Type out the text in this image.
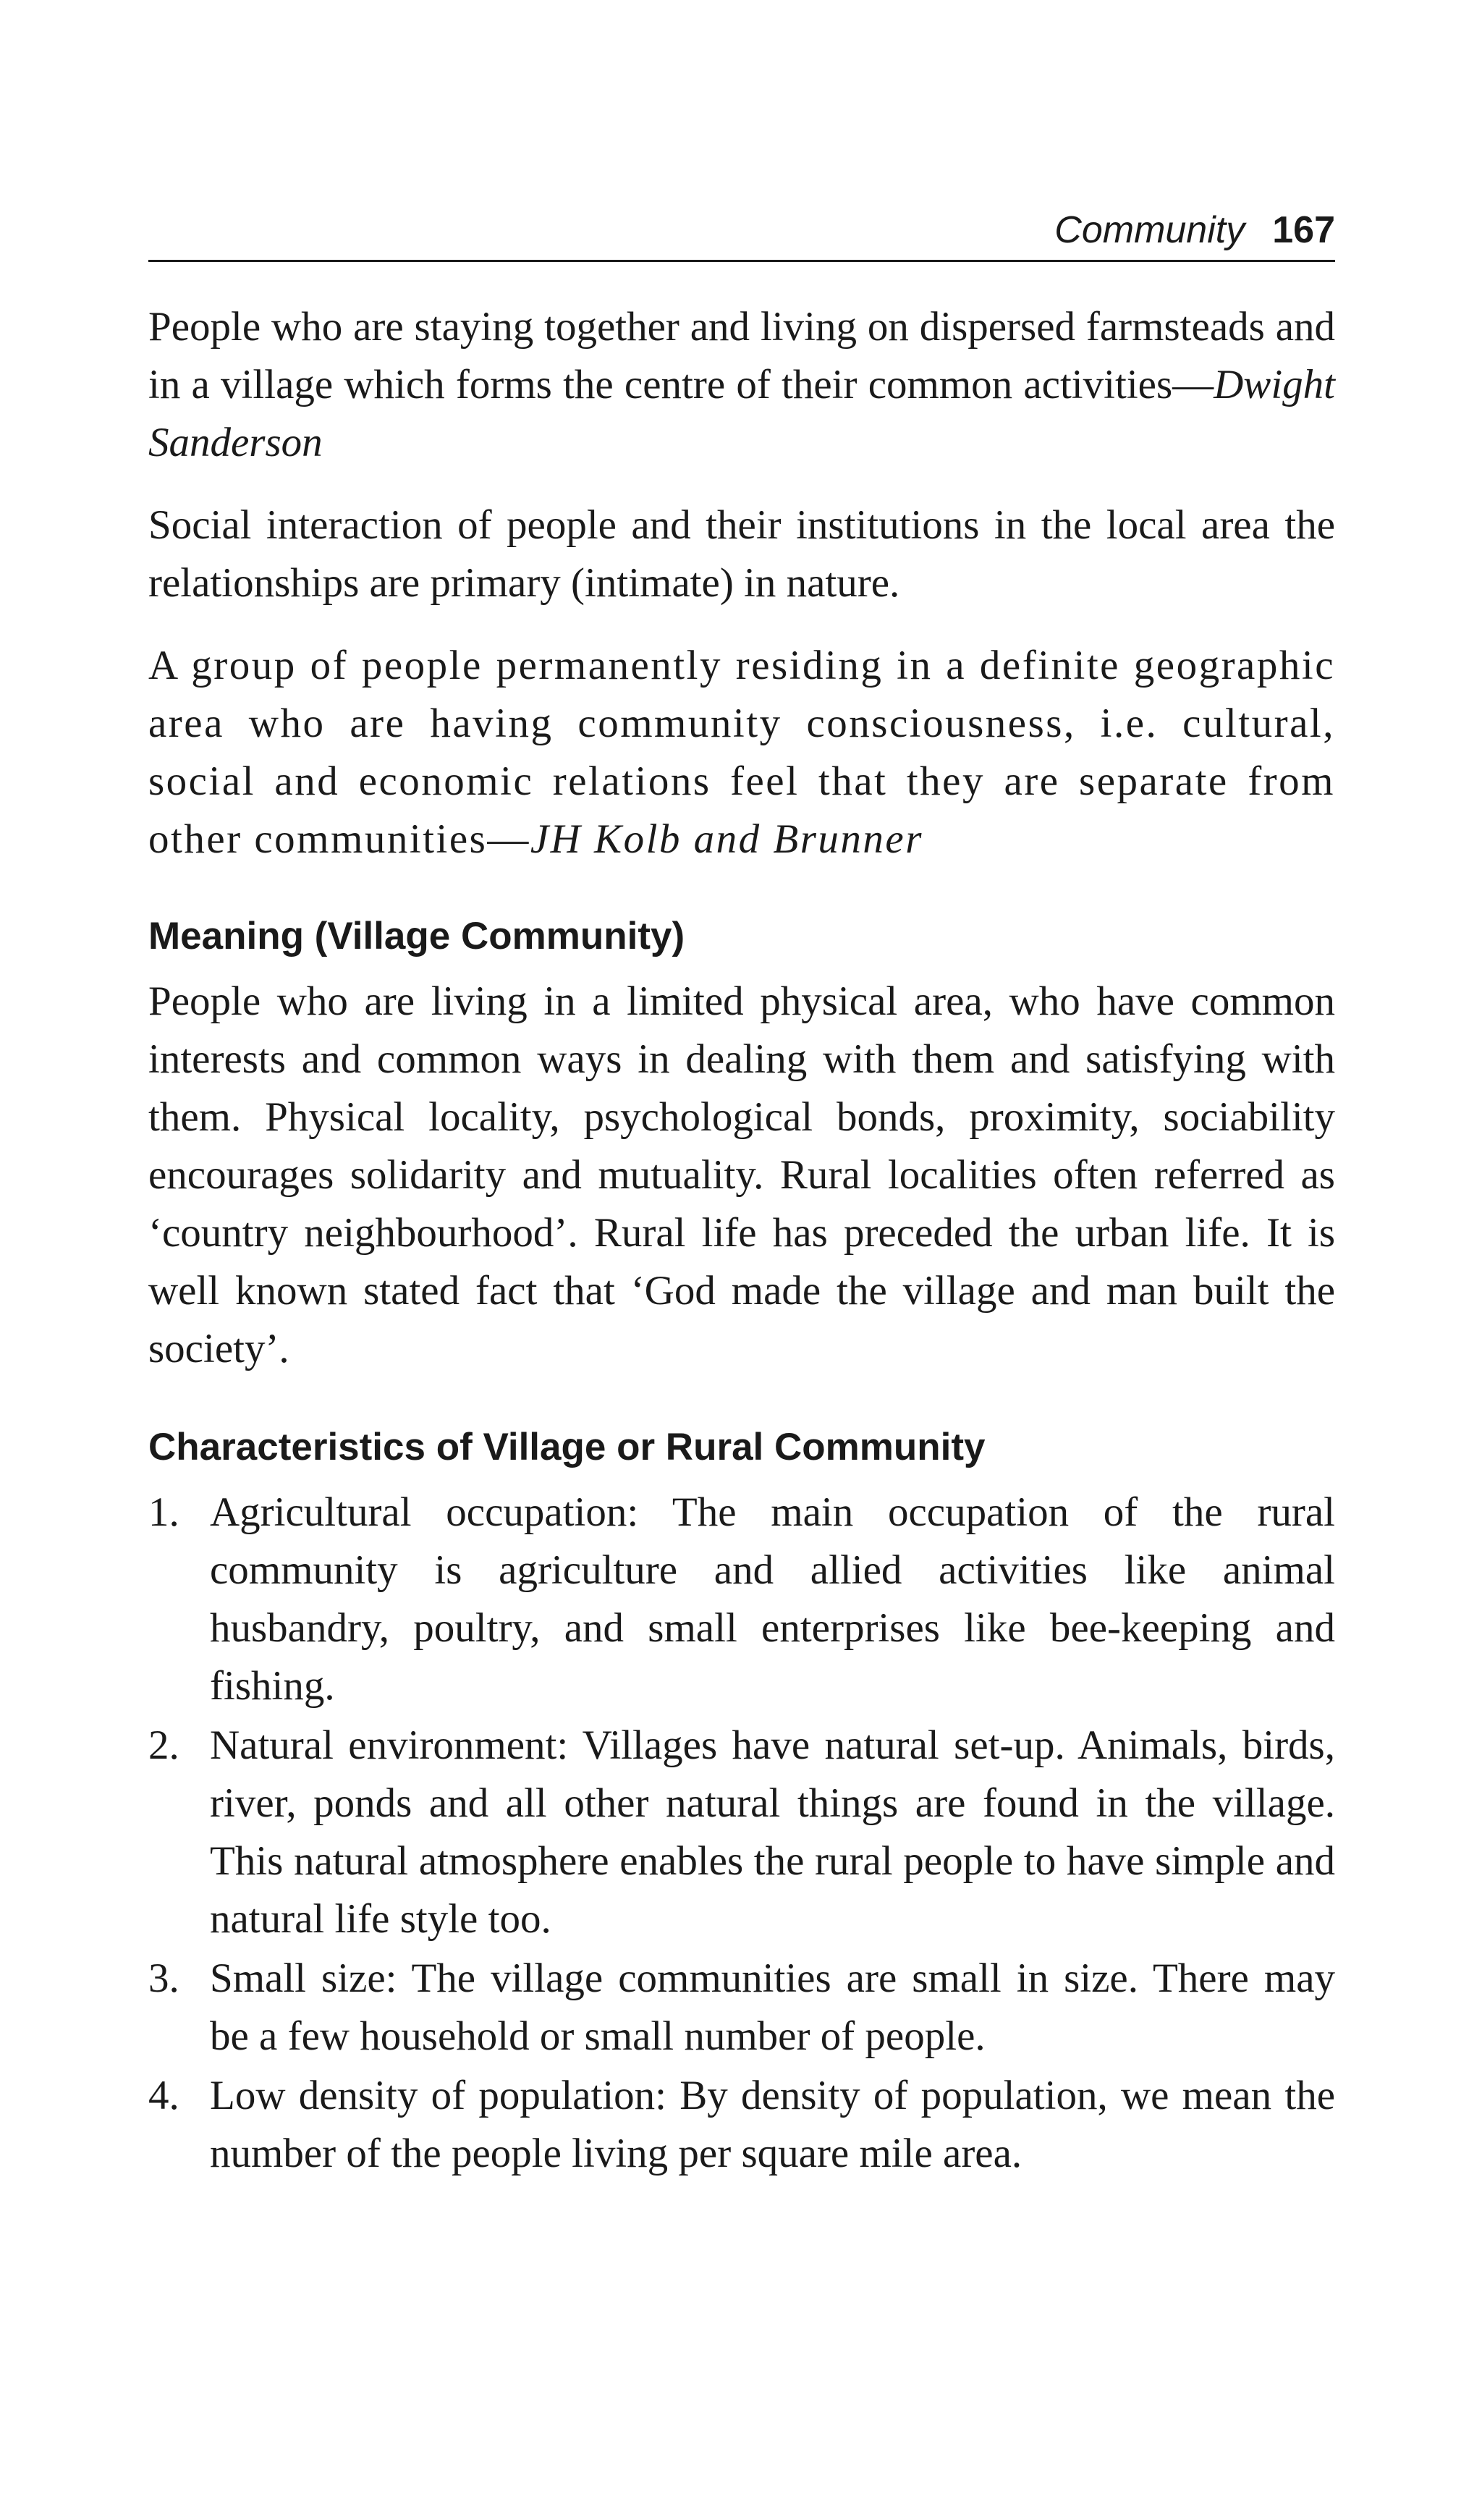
Community 167

People who are staying together and living on dispersed farmsteads and in a village which forms the centre of their common activities—Dwight Sanderson

Social interaction of people and their institutions in the local area the relationships are primary (intimate) in nature.

A group of people permanently residing in a definite geographic area who are having community consciousness, i.e. cultural, social and economic relations feel that they are separate from other communities—JH Kolb and Brunner

Meaning (Village Community)

People who are living in a limited physical area, who have common interests and common ways in dealing with them and satisfying with them. Physical locality, psychological bonds, proximity, sociability encourages solidarity and mutuality. Rural localities often referred as ‘country neighbourhood’. Rural life has preceded the urban life. It is well known stated fact that ‘God made the village and man built the society’.

Characteristics of Village or Rural Community
1. Agricultural occupation: The main occupation of the rural community is agriculture and allied activities like animal husbandry, poultry, and small enterprises like bee-keeping and fishing.
2. Natural environment: Villages have natural set-up. Animals, birds, river, ponds and all other natural things are found in the village. This natural atmosphere enables the rural people to have simple and natural life style too.
3. Small size: The village communities are small in size. There may be a few household or small number of people.
4. Low density of population: By density of population, we mean the number of the people living per square mile area.
